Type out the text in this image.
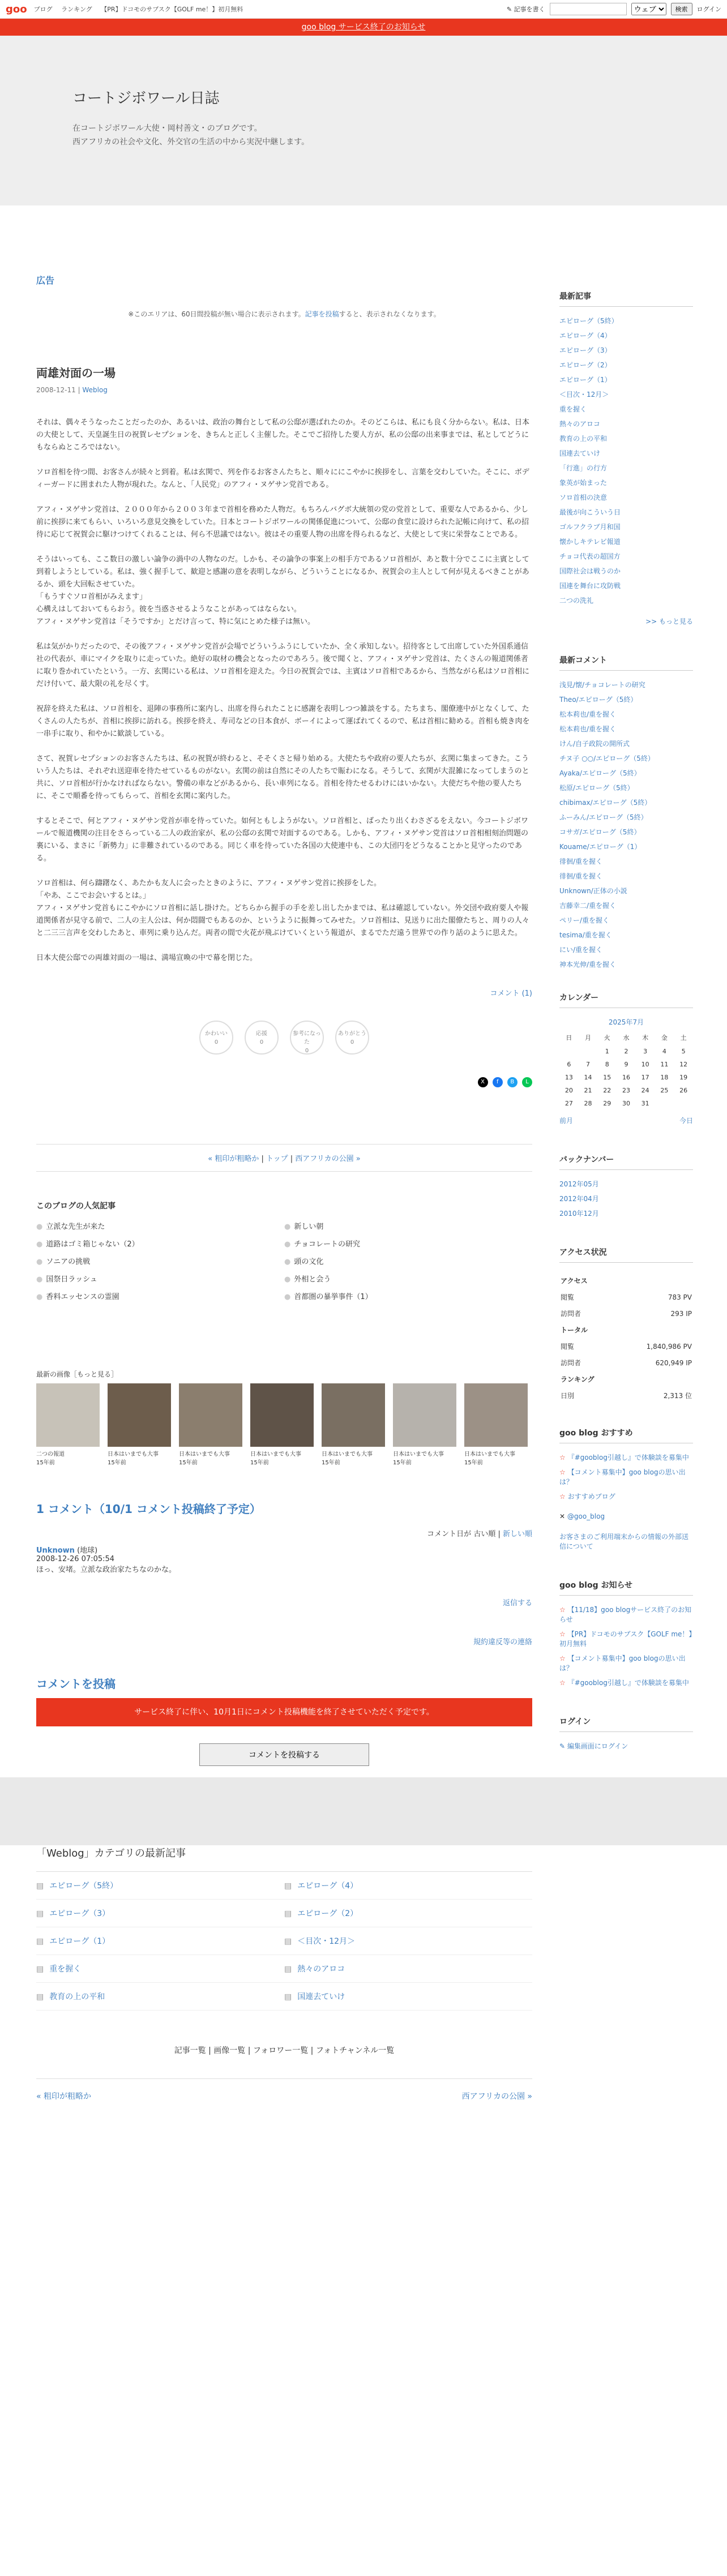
goo ブログ ランキング 【PR】ドコモのサブスク【GOLF me！】初月無料	✎ 記事を書く
ウェブ	検索	ログイン
goo blog サービス終了のお知らせ
コートジボワール日誌

在コートジボワール大使・岡村善文・のブログです。

西アフリカの社会や文化、外交官の生活の中から実況中継します。

広告
※このエリアは、60日間投稿が無い場合に表示されます。記事を投稿すると、表示されなくなります。
両雄対面の一場
2008-12-11 | Weblog

それは、偶々そうなったことだったのか、あるいは、政治の舞台として私の公邸が選ばれたのか。そのどこらは、私にも良く分からない。私は、日本の大使として、天皇誕生日の祝賀レセプションを、きちんと正しく主催した。そこでご招待した要人方が、私の公邸の出来事までは、私としてどうにもならぬところではない。

ソロ首相を待つ間、お客さんが続々と到着。私は玄関で、列を作るお客さんたちと、順々ににこやかに挨拶をし、言葉を交わしていた。そこに、ボディーガードに囲まれた人物が現れた。なんと、「人民党」のアフィ・ヌゲサン党首である。

アフィ・ヌゲサン党首は、２０００年から２００３年まで首相を務めた人物だ。もちろんバグボ大統領の党の党首として、重要な人であるから、少し前に挨拶に来てもらい、いろいろ意見交換をしていた。日本とコートジボワールの関係促進について、公邸の食堂に設けられた記帳に向けて、私の招待に応じて祝賀会に駆けつけてくれることは、何ら不思議ではない。彼はその重要人物の出席を得られるなど、大使として実に栄誉なことである。

そうはいっても、ここ数日の激しい論争の渦中の人物なのだ。しかも、その論争の事案上の相手方であるソロ首相が、あと数十分でここに主賓として到着しようとしている。私は、強く握手して、歓迎と感謝の意を表明しながら、どういうことになるか、祝賀会の主人として何が見えるべきことがあるか、頭を大回転させていた。

「もうすぐソロ首相がみえます」

心構えはしておいてもらおう。彼を当惑させるようなことがあってはならない。

アフィ・ヌゲサン党首は「そうですか」とだけ言って、特に気にとめた様子は無い。

私は気がかりだったので、その後アフィ・ヌゲサン党首が会場でどういうふうにしていたか、全く承知しない。招待客として出席していた外国系通信社の代表が、車にマイクを取りに走っていた。絶好の取材の機会となったのであろう。後で聞くと、アフィ・ヌゲサン党首は、たくさんの報道関係者に取り巻かれていたという。一方、玄関にいる私は、ソロ首相を迎えた。今日の祝賀会では、主賓はソロ首相であるから、当然ながら私はソロ首相にだけ付いて、最大限の礼を尽くす。

祝辞を終えた私は、ソロ首相を、退陣の事務所に案内し、出席を得られたことに感謝を表明しつつ雑談をする。たちまち、閣僚連中がとなくして、たくさんの人たちが、首相に挨拶に訪れる。挨拶を終え、寿司などの日本食が、ボーイによって運ばれてくるので、私は首相に勧める。首相も焼き肉を一串手に取り、和やかに歓談している。

さて、祝賀レセプションのお客さんたちは、私の祝賀が終わると、そそくさと帰り始める。大使たちや政府の要人たちが、玄関に集まってきた。こういう人たちは、それぞれ送迎車を待たせているものがない。玄関の前は自然にその人たちで賑わになる。そうして、玄関が大混雑になってしまうのと共に、ソロ首相が行かなければならない。警備の車などがあるから、長い車列になる。首相を待たせるわけにはいかない。大使だちや他の要人たちに、そこで順番を待ってもらって、首相を玄関に案内した。

するとそこで、何とアフィ・ヌゲサン党首が車を待っていた。如何ともしようがない。ソロ首相と、ばったり出くわさざるをえない。今コートジボワールで報道機関の注目をさらっている二人の政治家が、私の公邸の玄関で対面するのである。しかも、アフィ・ヌゲサン党首はソロ首相相刻治問題の裏にいる、まさに「新勢力」に非難されているのである。同じく車を待っていた各国の大使連中も、この大団円をどうなることかと見守ったのである。

ソロ首相は、何ら躊躇なく、あたかも友人に会ったときのように、アフィ・ヌゲサン党首に挨拶をした。

「やあ、ここでお会いするとは。」

アフィ・ヌゲサン党首もにこやかにソロ首相に話し掛けた。どちらから握手の手を差し出したかまでは、私は確認していない。外交団や政府要人や報道関係者が見守る前で、二人の主人公は、何か悶闘でもあるのか、というように振舞ってみせた。ソロ首相は、見送りに出た閣僚たちと、周りの人々と二三三言声を交わしたあと、車列に乗り込んだ。両者の間で火花が飛ぶけていくという報道が、まるでただ遠う世界での作り話のように思えた。

日本大使公邸での両雄対面の一場は、満場宣喚の中で幕を閉じた。

コメント (1)
かわいい
0
応援
0
参考になった
0
ありがとう
0
X f B L
« 粗印が粗略か | トップ | 西アフリカの公園 »
このブログの人気記事
● 立派な先生が来た	● 新しい朝
● 道路はゴミ箱じゃない（2）	● チョコレートの研究
● ソニアの挑戦	● 頭の文化
● 国祭日ラッシュ	● 外相と会う
● 香料エッセンスの霊園	● 首都圏の暴挙事件（1）
最新の画像［もっと見る］
二つの報道
15年前
日本はいまでも大事
15年前
日本はいまでも大事
15年前
日本はいまでも大事
15年前
日本はいまでも大事
15年前
日本はいまでも大事
15年前
日本はいまでも大事
15年前
1 コメント（10/1 コメント投稿終了予定）
コメント日が 古い順 | 新しい順
Unknown (地球)
2008-12-26 07:05:54
ほっ、安堵。立派な政治家たちなのかな。
返信する
規約違反等の連絡
コメントを投稿
サービス終了に伴い、10月1日にコメント投稿機能を終了させていただく予定です。
コメントを投稿する
最新記事
エピローグ（5終）
エピローグ（4）
エピローグ（3）
エピローグ（2）
エピローグ（1）
＜目次・12月＞
重を握く
熱々のアロコ
教育の上の平和
国連去ていけ
「行進」の行方
象英が始まった
ソロ首相の決意
最後が向こういう日
ゴルフクラブ月和国
懐かしキテレビ報道
チョコ代表の超国方
国際社会は戦うのか
国連を舞台に攻防戦
二つの洗礼
>> もっと見る
最新コメント
浅見/懐/チョコレートの研究
Theo/エピローグ（5終）
松本莉也/重を握く
松本莉也/重を握く
けん/自子政院の開所式
チヌ子 ○○/エピローグ（5終）
Ayaka/エピローグ（5終）
松原/エピローグ（5終）
chibimax/エピローグ（5終）
ふーみん/エピローグ（5終）
コサガ/エピローグ（5終）
Kouame/エピローグ（1）
徘徊/重を握く
徘徊/重を握く
Unknown/正体の小説
吉藤幸二/重を握く
ペリー/重を握く
tesima/重を握く
にい/重を握く
神本光伸/重を握く
カレンダー
2025年7月
日	月	火	水	木	金	土
		1	2	3	4	5
6	7	8	9	10	11	12
13	14	15	16	17	18	19
20	21	22	23	24	25	26
27	28	29	30	31		
前月	今日
バックナンバー
2012年05月
2012年04月
2010年12月
アクセス状況
アクセス	
閲覧	783 PV
訪問者	293 IP
トータル	
閲覧	1,840,986 PV
訪問者	620,949 IP
ランキング	
日別	2,313 位
goo blog おすすめ
☆ 『#gooblog引越し』で体験談を募集中
☆ 【コメント募集中】goo blogの思い出は？
☆ おすすめブログ
✕ @goo_blog
お客さまのご利用端末からの情報の外部送信について
goo blog お知らせ
☆ 【11/18】goo blogサービス終了のお知らせ
☆ 【PR】ドコモのサブスク【GOLF me！】初月無料
☆ 【コメント募集中】goo blogの思い出は？
☆ 『#gooblog引越し』で体験談を募集中
ログイン
✎ 編集画面にログイン
「Weblog」カテゴリの最新記事
▤ エピローグ（5終）	▤ エピローグ（4）
▤ エピローグ（3）	▤ エピローグ（2）
▤ エピローグ（1）	▤ ＜目次・12月＞
▤ 重を握く	▤ 熱々のアロコ
▤ 教育の上の平和	▤ 国連去ていけ
記事一覧 | 画像一覧 | フォロワー一覧 | フォトチャンネル一覧
« 粗印が粗略か	西アフリカの公園 »
